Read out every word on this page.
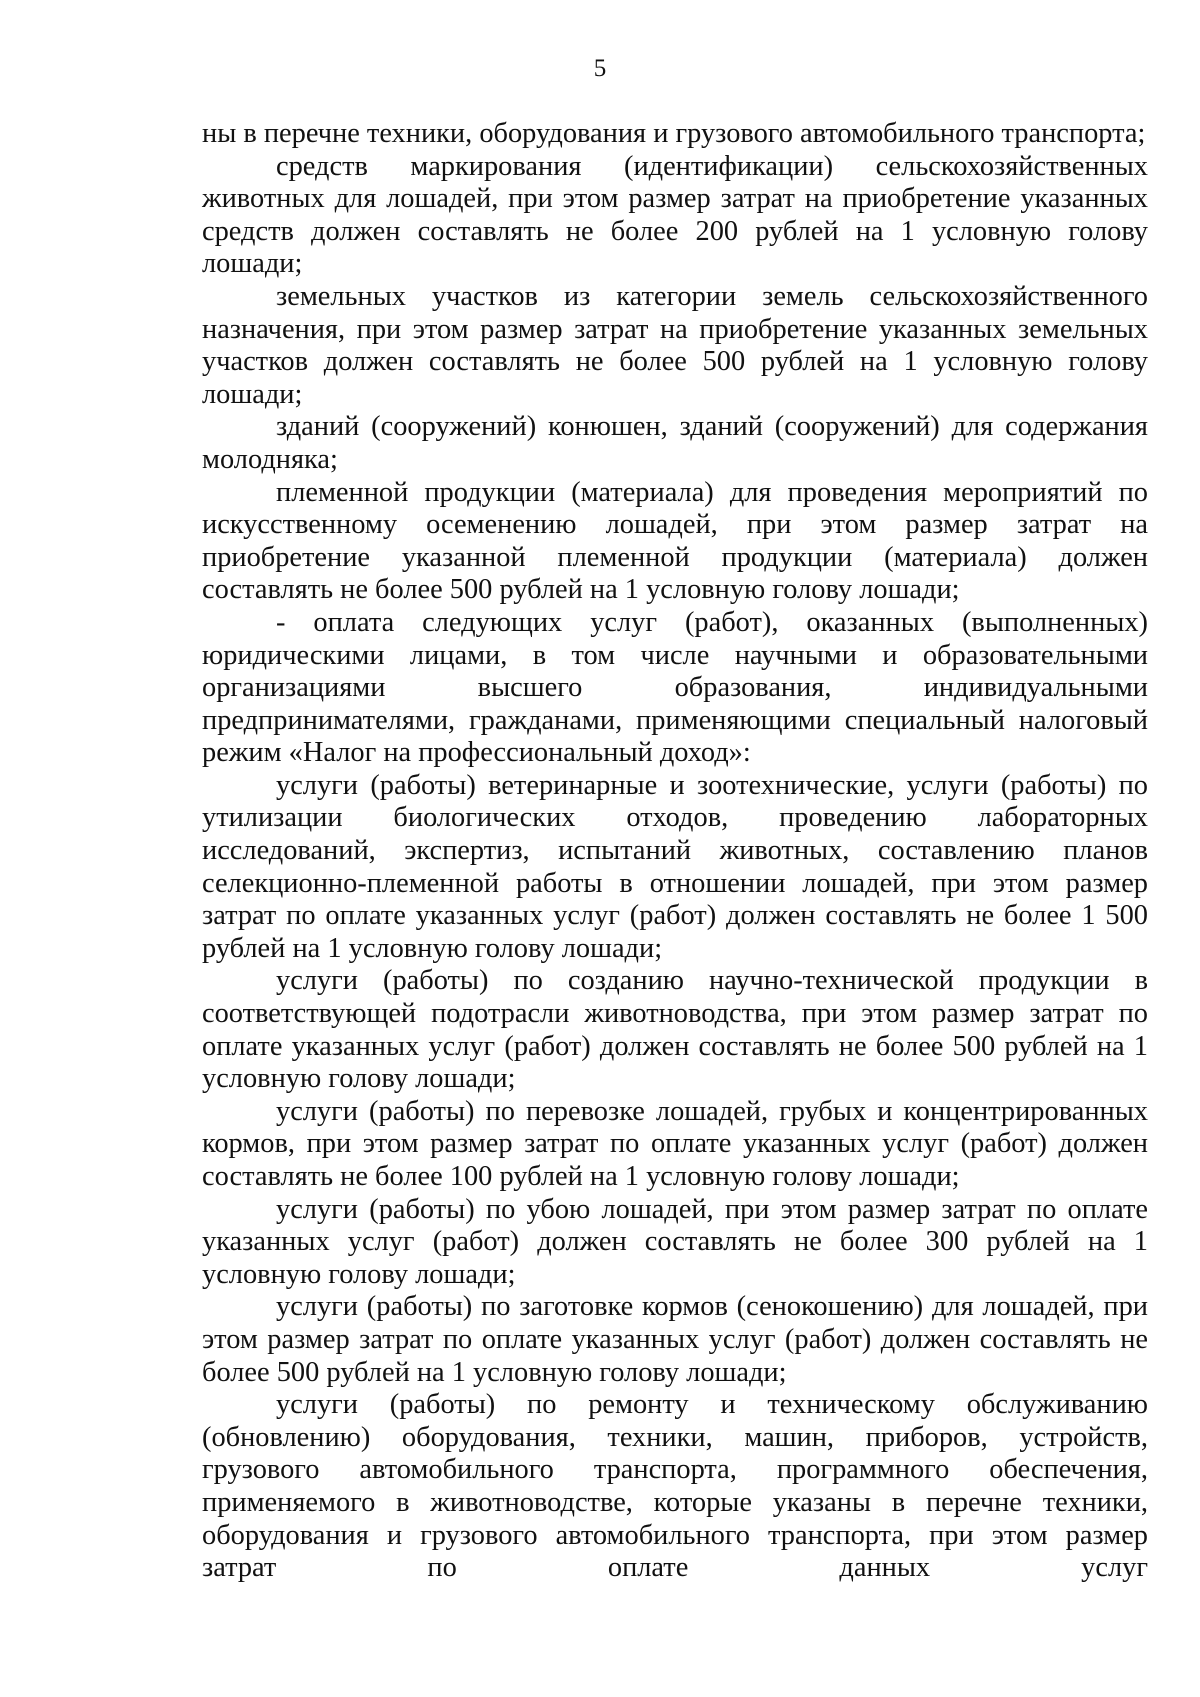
5

ны в перечне техники, оборудования и грузового автомобильного транспорта;

средств маркирования (идентификации) сельскохозяйственных животных для лошадей, при этом размер затрат на приобретение указанных средств должен составлять не более 200 рублей на 1 условную голову лошади;

земельных участков из категории земель сельскохозяйственного назначения, при этом размер затрат на приобретение указанных земельных участков должен составлять не более 500 рублей на 1 условную голову лошади;

зданий (сооружений) конюшен, зданий (сооружений) для содержания молодняка;

племенной продукции (материала) для проведения мероприятий по искусственному осеменению лошадей, при этом размер затрат на приобретение указанной племенной продукции (материала) должен составлять не более 500 рублей на 1 условную голову лошади;

- оплата следующих услуг (работ), оказанных (выполненных) юридическими лицами, в том числе научными и образовательными организациями высшего образования, индивидуальными предпринимателями, гражданами, применяющими специальный налоговый режим «Налог на профессиональный доход»:

услуги (работы) ветеринарные и зоотехнические, услуги (работы) по утилизации биологических отходов, проведению лабораторных исследований, экспертиз, испытаний животных, составлению планов селекционно-племенной работы в отношении лошадей, при этом размер затрат по оплате указанных услуг (работ) должен составлять не более 1 500 рублей на 1 условную голову лошади;

услуги (работы) по созданию научно-технической продукции в соответствующей подотрасли животноводства, при этом размер затрат по оплате указанных услуг (работ) должен составлять не более 500 рублей на 1 условную голову лошади;

услуги (работы) по перевозке лошадей, грубых и концентрированных кормов, при этом размер затрат по оплате указанных услуг (работ) должен составлять не более 100 рублей на 1 условную голову лошади;

услуги (работы) по убою лошадей, при этом размер затрат по оплате указанных услуг (работ) должен составлять не более 300 рублей на 1 условную голову лошади;

услуги (работы) по заготовке кормов (сенокошению) для лошадей, при этом размер затрат по оплате указанных услуг (работ) должен составлять не более 500 рублей на 1 условную голову лошади;

услуги (работы) по ремонту и техническому обслуживанию (обновлению) оборудования, техники, машин, приборов, устройств, грузового автомобильного транспорта, программного обеспечения, применяемого в животноводстве, которые указаны в перечне техники, оборудования и грузового автомобильного транспорта, при этом размер затрат по оплате данных услуг
